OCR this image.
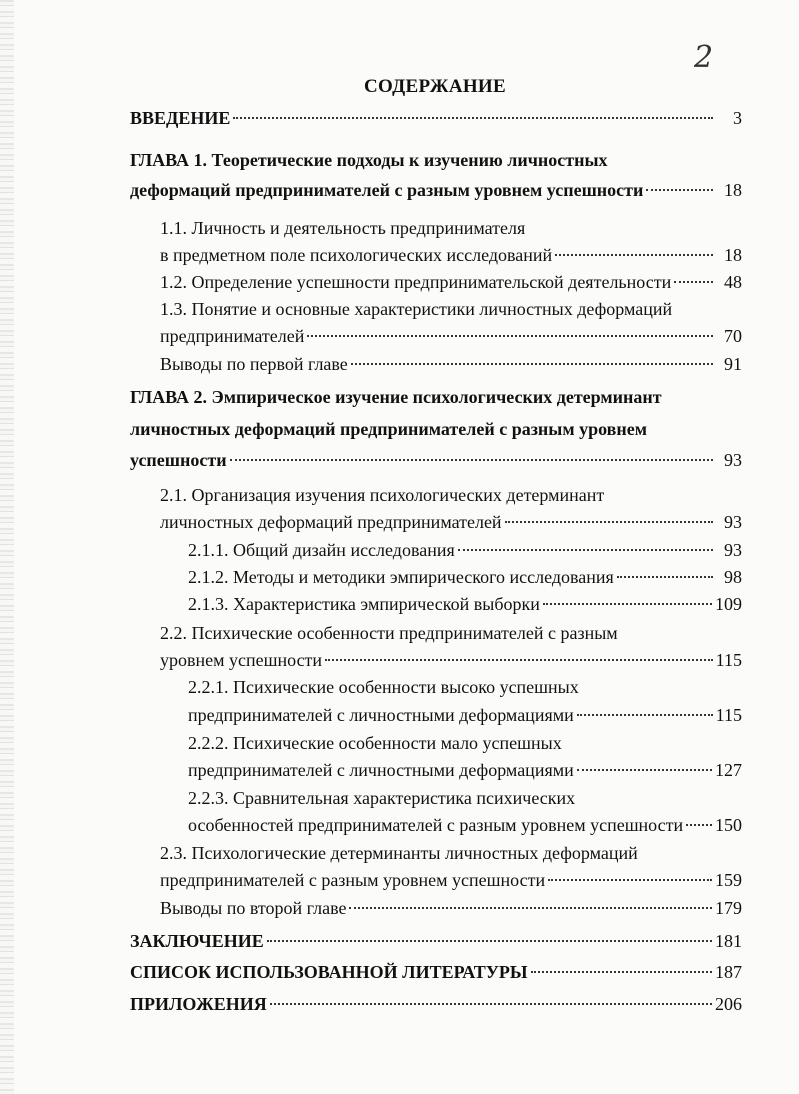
2
СОДЕРЖАНИЕ
ВВЕДЕНИЕ	3
ГЛАВА 1. Теоретические подходы к изучению личностных
деформаций предпринимателей с разным уровнем успешности	18
1.1. Личность и деятельность предпринимателя
в предметном поле психологических исследований	18
1.2. Определение успешности предпринимательской деятельности	48
1.3. Понятие и основные характеристики личностных деформаций
предпринимателей	70
Выводы по первой главе	91
ГЛАВА 2. Эмпирическое изучение психологических детерминант
личностных деформаций предпринимателей с разным уровнем
успешности	93
2.1. Организация изучения психологических детерминант
личностных деформаций предпринимателей	93
2.1.1. Общий дизайн исследования	93
2.1.2. Методы и методики эмпирического исследования	98
2.1.3. Характеристика эмпирической выборки	109
2.2. Психические особенности предпринимателей с разным
уровнем успешности	115
2.2.1. Психические особенности высоко успешных
предпринимателей с личностными деформациями	115
2.2.2. Психические особенности мало успешных
предпринимателей с личностными деформациями	127
2.2.3. Сравнительная характеристика психических
особенностей предпринимателей с разным уровнем успешности 150
2.3. Психологические детерминанты личностных деформаций
предпринимателей с разным уровнем успешности	159
Выводы по второй главе	179
ЗАКЛЮЧЕНИЕ	181
СПИСОК ИСПОЛЬЗОВАННОЙ ЛИТЕРАТУРЫ	187
ПРИЛОЖЕНИЯ	206
